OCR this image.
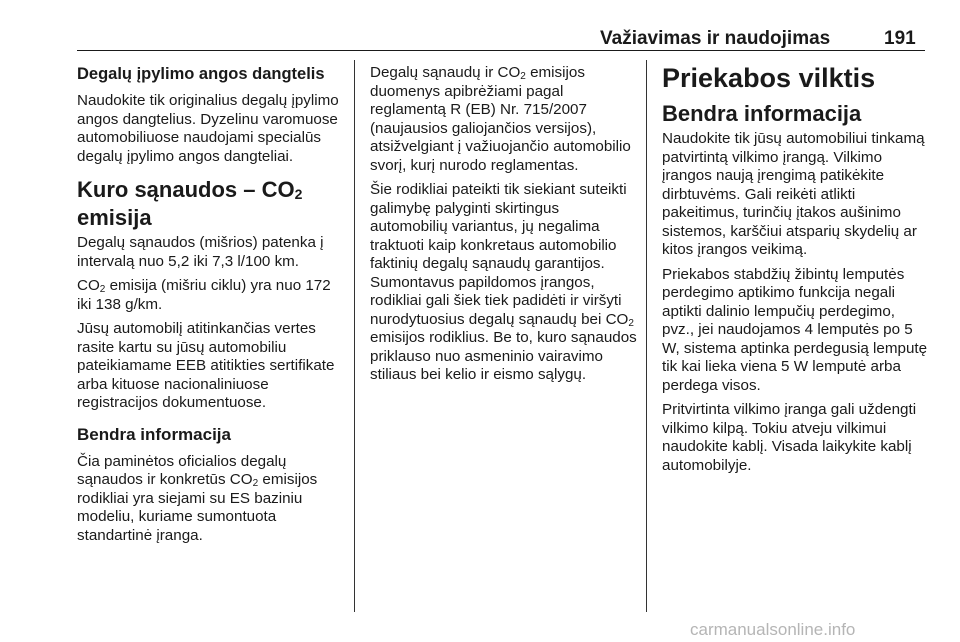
Važiavimas ir naudojimas	191
Degalų įpylimo angos dangtelis

Naudokite tik originalius degalų įpylimo angos dangtelius. Dyzelinu varomuose automobiliuose naudojami specialūs degalų įpylimo angos dangteliai.

Kuro sąnaudos – $CO_2$
emisija

Degalų sąnaudos (mišrios) patenka į intervalą nuo 5,2 iki 7,3 l/100 km.

$CO_2$ emisija (mišriu ciklu) yra nuo 172 iki 138 g/km.

Jūsų automobilį atitinkančias vertes rasite kartu su jūsų automobiliu pateikiamame EEB atitikties sertifikate arba kituose nacionaliniuose registracijos dokumentuose.

Bendra informacija

Čia paminėtos oficialios degalų sąnaudos ir konkretūs $CO_2$ emisijos rodikliai yra siejami su ES baziniu modeliu, kuriame sumontuota standartinė įranga.

Degalų sąnaudų ir $CO_2$ emisijos duomenys apibrėžiami pagal reglamentą R (EB) Nr. 715/2007 (naujausios galiojančios versijos), atsižvelgiant į važiuojančio automobilio svorį, kurį nurodo reglamentas.

Šie rodikliai pateikti tik siekiant suteikti galimybę palyginti skirtingus automobilių variantus, jų negalima traktuoti kaip konkretaus automobilio faktinių degalų sąnaudų garantijos. Sumontavus papildomos įrangos, rodikliai gali šiek tiek padidėti ir viršyti nurodytuosius degalų sąnaudų bei $CO_2$ emisijos rodiklius. Be to, kuro sąnaudos priklauso nuo asmeninio vairavimo stiliaus bei kelio ir eismo sąlygų.

Priekabos vilktis
Bendra informacija

Naudokite tik jūsų automobiliui tinkamą patvirtintą vilkimo įrangą. Vilkimo įrangos naują įrengimą patikėkite dirbtuvėms. Gali reikėti atlikti pakeitimus, turinčių įtakos aušinimo sistemos, karščiui atsparių skydelių ar kitos įrangos veikimą.

Priekabos stabdžių žibintų lemputės perdegimo aptikimo funkcija negali aptikti dalinio lempučių perdegimo, pvz., jei naudojamos 4 lemputės po 5 W, sistema aptinka perdegusią lemputę tik kai lieka viena 5 W lemputė arba perdega visos.

Pritvirtinta vilkimo įranga gali uždengti vilkimo kilpą. Tokiu atveju vilkimui naudokite kablį. Visada laikykite kablį automobilyje.

carmanualsonline.info
